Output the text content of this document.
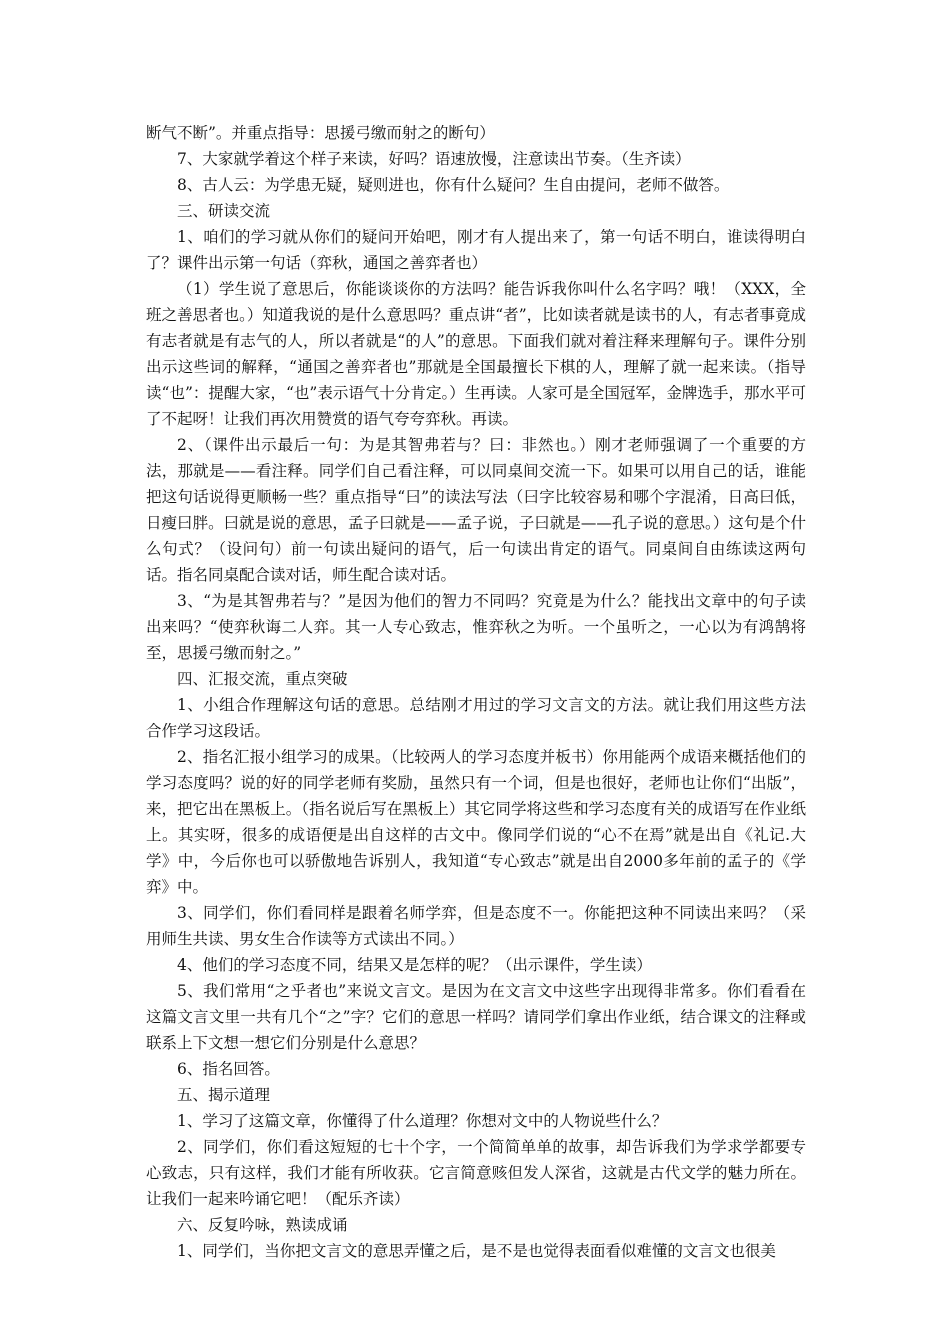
断气不断”。并重点指导：思援弓缴而射之的断句）

7、大家就学着这个样子来读，好吗？语速放慢，注意读出节奏。（生齐读）

8、古人云：为学患无疑，疑则进也，你有什么疑问？生自由提问，老师不做答。

三、研读交流

1、咱们的学习就从你们的疑问开始吧，刚才有人提出来了，第一句话不明白，谁读得明白了？课件出示第一句话（弈秋，通国之善弈者也）

（1）学生说了意思后，你能谈谈你的方法吗？能告诉我你叫什么名字吗？哦！（XXX，全班之善思者也。）知道我说的是什么意思吗？重点讲“者”，比如读者就是读书的人，有志者事竟成有志者就是有志气的人，所以者就是“的人”的意思。下面我们就对着注释来理解句子。课件分别出示这些词的解释，“通国之善弈者也”那就是全国最擅长下棋的人，理解了就一起来读。（指导读“也”：提醒大家，“也”表示语气十分肯定。）生再读。人家可是全国冠军，金牌选手，那水平可了不起呀！让我们再次用赞赏的语气夸夸弈秋。再读。

2、（课件出示最后一句：为是其智弗若与？曰：非然也。）刚才老师强调了一个重要的方法，那就是——看注释。同学们自己看注释，可以同桌间交流一下。如果可以用自己的话，谁能把这句话说得更顺畅一些？重点指导“曰”的读法写法（曰字比较容易和哪个字混淆，日高曰低，日瘦曰胖。曰就是说的意思，孟子曰就是——孟子说，子曰就是——孔子说的意思。）这句是个什么句式？（设问句）前一句读出疑问的语气，后一句读出肯定的语气。同桌间自由练读这两句话。指名同桌配合读对话，师生配合读对话。

3、“为是其智弗若与？”是因为他们的智力不同吗？究竟是为什么？能找出文章中的句子读出来吗？“使弈秋诲二人弈。其一人专心致志，惟弈秋之为听。一个虽听之，一心以为有鸿鹄将至，思援弓缴而射之。”

四、汇报交流，重点突破

1、小组合作理解这句话的意思。总结刚才用过的学习文言文的方法。就让我们用这些方法合作学习这段话。

2、指名汇报小组学习的成果。（比较两人的学习态度并板书）你用能两个成语来概括他们的学习态度吗？说的好的同学老师有奖励，虽然只有一个词，但是也很好，老师也让你们“出版”，来，把它出在黑板上。（指名说后写在黑板上）其它同学将这些和学习态度有关的成语写在作业纸上。其实呀，很多的成语便是出自这样的古文中。像同学们说的“心不在焉”就是出自《礼记.大学》中，今后你也可以骄傲地告诉别人，我知道“专心致志”就是出自2000多年前的孟子的《学弈》中。

3、同学们，你们看同样是跟着名师学弈，但是态度不一。你能把这种不同读出来吗？（采用师生共读、男女生合作读等方式读出不同。）

4、他们的学习态度不同，结果又是怎样的呢？（出示课件，学生读）

5、我们常用“之乎者也”来说文言文。是因为在文言文中这些字出现得非常多。你们看看在这篇文言文里一共有几个“之”字？它们的意思一样吗？请同学们拿出作业纸，结合课文的注释或联系上下文想一想它们分别是什么意思？

6、指名回答。

五、揭示道理

1、学习了这篇文章，你懂得了什么道理？你想对文中的人物说些什么？

2、同学们，你们看这短短的七十个字，一个简简单单的故事，却告诉我们为学求学都要专心致志，只有这样，我们才能有所收获。它言简意赅但发人深省，这就是古代文学的魅力所在。让我们一起来吟诵它吧！（配乐齐读）

六、反复吟咏，熟读成诵

1、同学们，当你把文言文的意思弄懂之后，是不是也觉得表面看似难懂的文言文也很美
